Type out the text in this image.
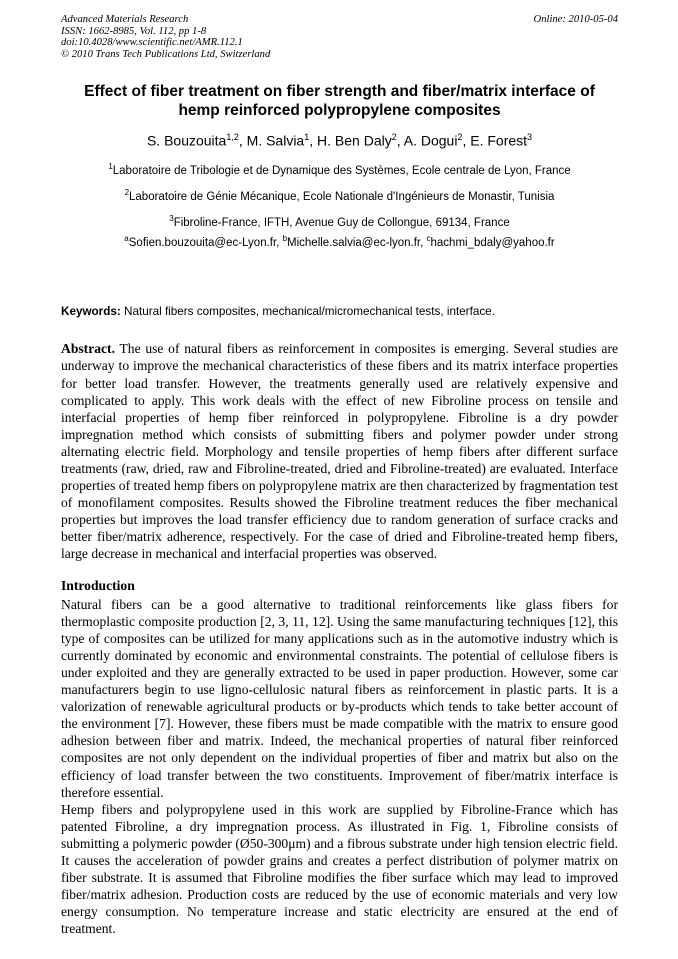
Advanced Materials Research
ISSN: 1662-8985, Vol. 112, pp 1-8
doi:10.4028/www.scientific.net/AMR.112.1
© 2010 Trans Tech Publications Ltd, Switzerland
Online: 2010-05-04
Effect of fiber treatment on fiber strength and fiber/matrix interface of hemp reinforced polypropylene composites
S. Bouzouita$^{1,2}$, M. Salvia$^1$, H. Ben Daly$^2$, A. Dogui$^2$, E. Forest$^3$
$^1$Laboratoire de Tribologie et de Dynamique des Systèmes, Ecole centrale de Lyon, France
$^2$Laboratoire de Génie Mécanique, Ecole Nationale d'Ingénieurs de Monastir, Tunisia
$^3$Fibroline-France, IFTH, Avenue Guy de Collongue, 69134, France
$^a$Sofien.bouzouita@ec-Lyon.fr, $^b$Michelle.salvia@ec-lyon.fr, $^c$hachmi_bdaly@yahoo.fr

Keywords: Natural fibers composites, mechanical/micromechanical tests, interface.

Abstract. The use of natural fibers as reinforcement in composites is emerging. Several studies are underway to improve the mechanical characteristics of these fibers and its matrix interface properties for better load transfer. However, the treatments generally used are relatively expensive and complicated to apply. This work deals with the effect of new Fibroline process on tensile and interfacial properties of hemp fiber reinforced in polypropylene. Fibroline is a dry powder impregnation method which consists of submitting fibers and polymer powder under strong alternating electric field. Morphology and tensile properties of hemp fibers after different surface treatments (raw, dried, raw and Fibroline-treated, dried and Fibroline-treated) are evaluated. Interface properties of treated hemp fibers on polypropylene matrix are then characterized by fragmentation test of monofilament composites. Results showed the Fibroline treatment reduces the fiber mechanical properties but improves the load transfer efficiency due to random generation of surface cracks and better fiber/matrix adherence, respectively. For the case of dried and Fibroline-treated hemp fibers, large decrease in mechanical and interfacial properties was observed.

Introduction

Natural fibers can be a good alternative to traditional reinforcements like glass fibers for thermoplastic composite production [2, 3, 11, 12]. Using the same manufacturing techniques [12], this type of composites can be utilized for many applications such as in the automotive industry which is currently dominated by economic and environmental constraints. The potential of cellulose fibers is under exploited and they are generally extracted to be used in paper production. However, some car manufacturers begin to use ligno-cellulosic natural fibers as reinforcement in plastic parts. It is a valorization of renewable agricultural products or by-products which tends to take better account of the environment [7]. However, these fibers must be made compatible with the matrix to ensure good adhesion between fiber and matrix. Indeed, the mechanical properties of natural fiber reinforced composites are not only dependent on the individual properties of fiber and matrix but also on the efficiency of load transfer between the two constituents. Improvement of fiber/matrix interface is therefore essential.

Hemp fibers and polypropylene used in this work are supplied by Fibroline-France which has patented Fibroline, a dry impregnation process. As illustrated in Fig. 1, Fibroline consists of submitting a polymeric powder (Ø50-300μm) and a fibrous substrate under high tension electric field. It causes the acceleration of powder grains and creates a perfect distribution of polymer matrix on fiber substrate. It is assumed that Fibroline modifies the fiber surface which may lead to improved fiber/matrix adhesion. Production costs are reduced by the use of economic materials and very low energy consumption. No temperature increase and static electricity are ensured at the end of treatment.
